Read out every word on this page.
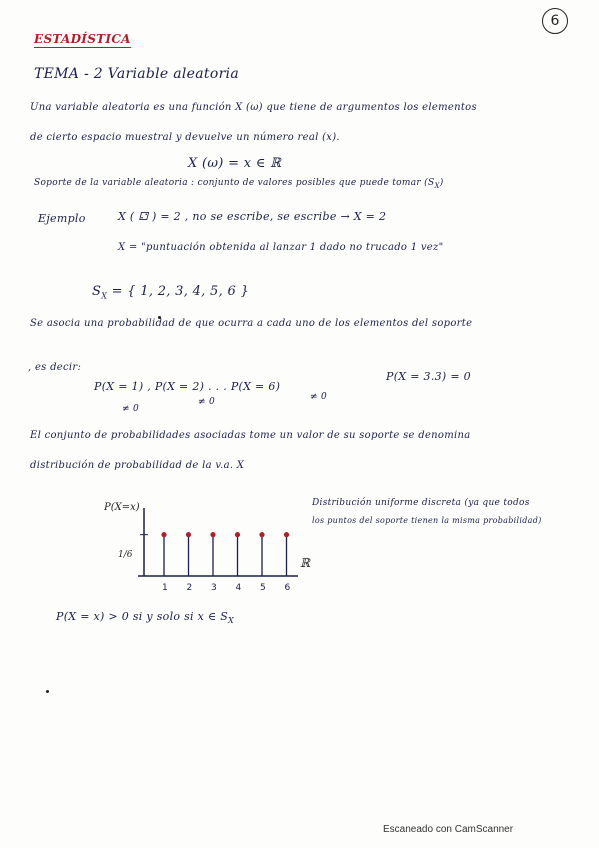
6
ESTADÍSTICA
TEMA - 2 Variable aleatoria
Una variable aleatoria es una función X (ω) que tiene de argumentos los elementos
de cierto espacio muestral y devuelve un número real (x).
X (ω) = x ∈ ℝ
Soporte de la variable aleatoria : conjunto de valores posibles que puede tomar $(S_X)$
Ejemplo	X ( ⚁ ) = 2 , no se escribe, se escribe → X = 2
X = "puntuación obtenida al lanzar 1 dado no trucado 1 vez"
$S_X$ = { 1, 2, 3, 4, 5, 6 }
Se asocia una probabilidad de que ocurra a cada uno de los elementos del soporte
, es decir:
P(X = 1) , P(X = 2) . . . P(X = 6)
P(X = 3.3) = 0
≠ 0
≠ 0	≠ 0
El conjunto de probabilidades asociadas tome un valor de su soporte se denomina
distribución de probabilidad de la v.a. X
1 2 3 4 5 6
P(X=x)
1/6
ℝ
Distribución uniforme discreta (ya que todos
los puntos del soporte tienen la misma probabilidad)
P(X = x) > 0 si y solo si x ∈ $S_X$
Escaneado con CamScanner
